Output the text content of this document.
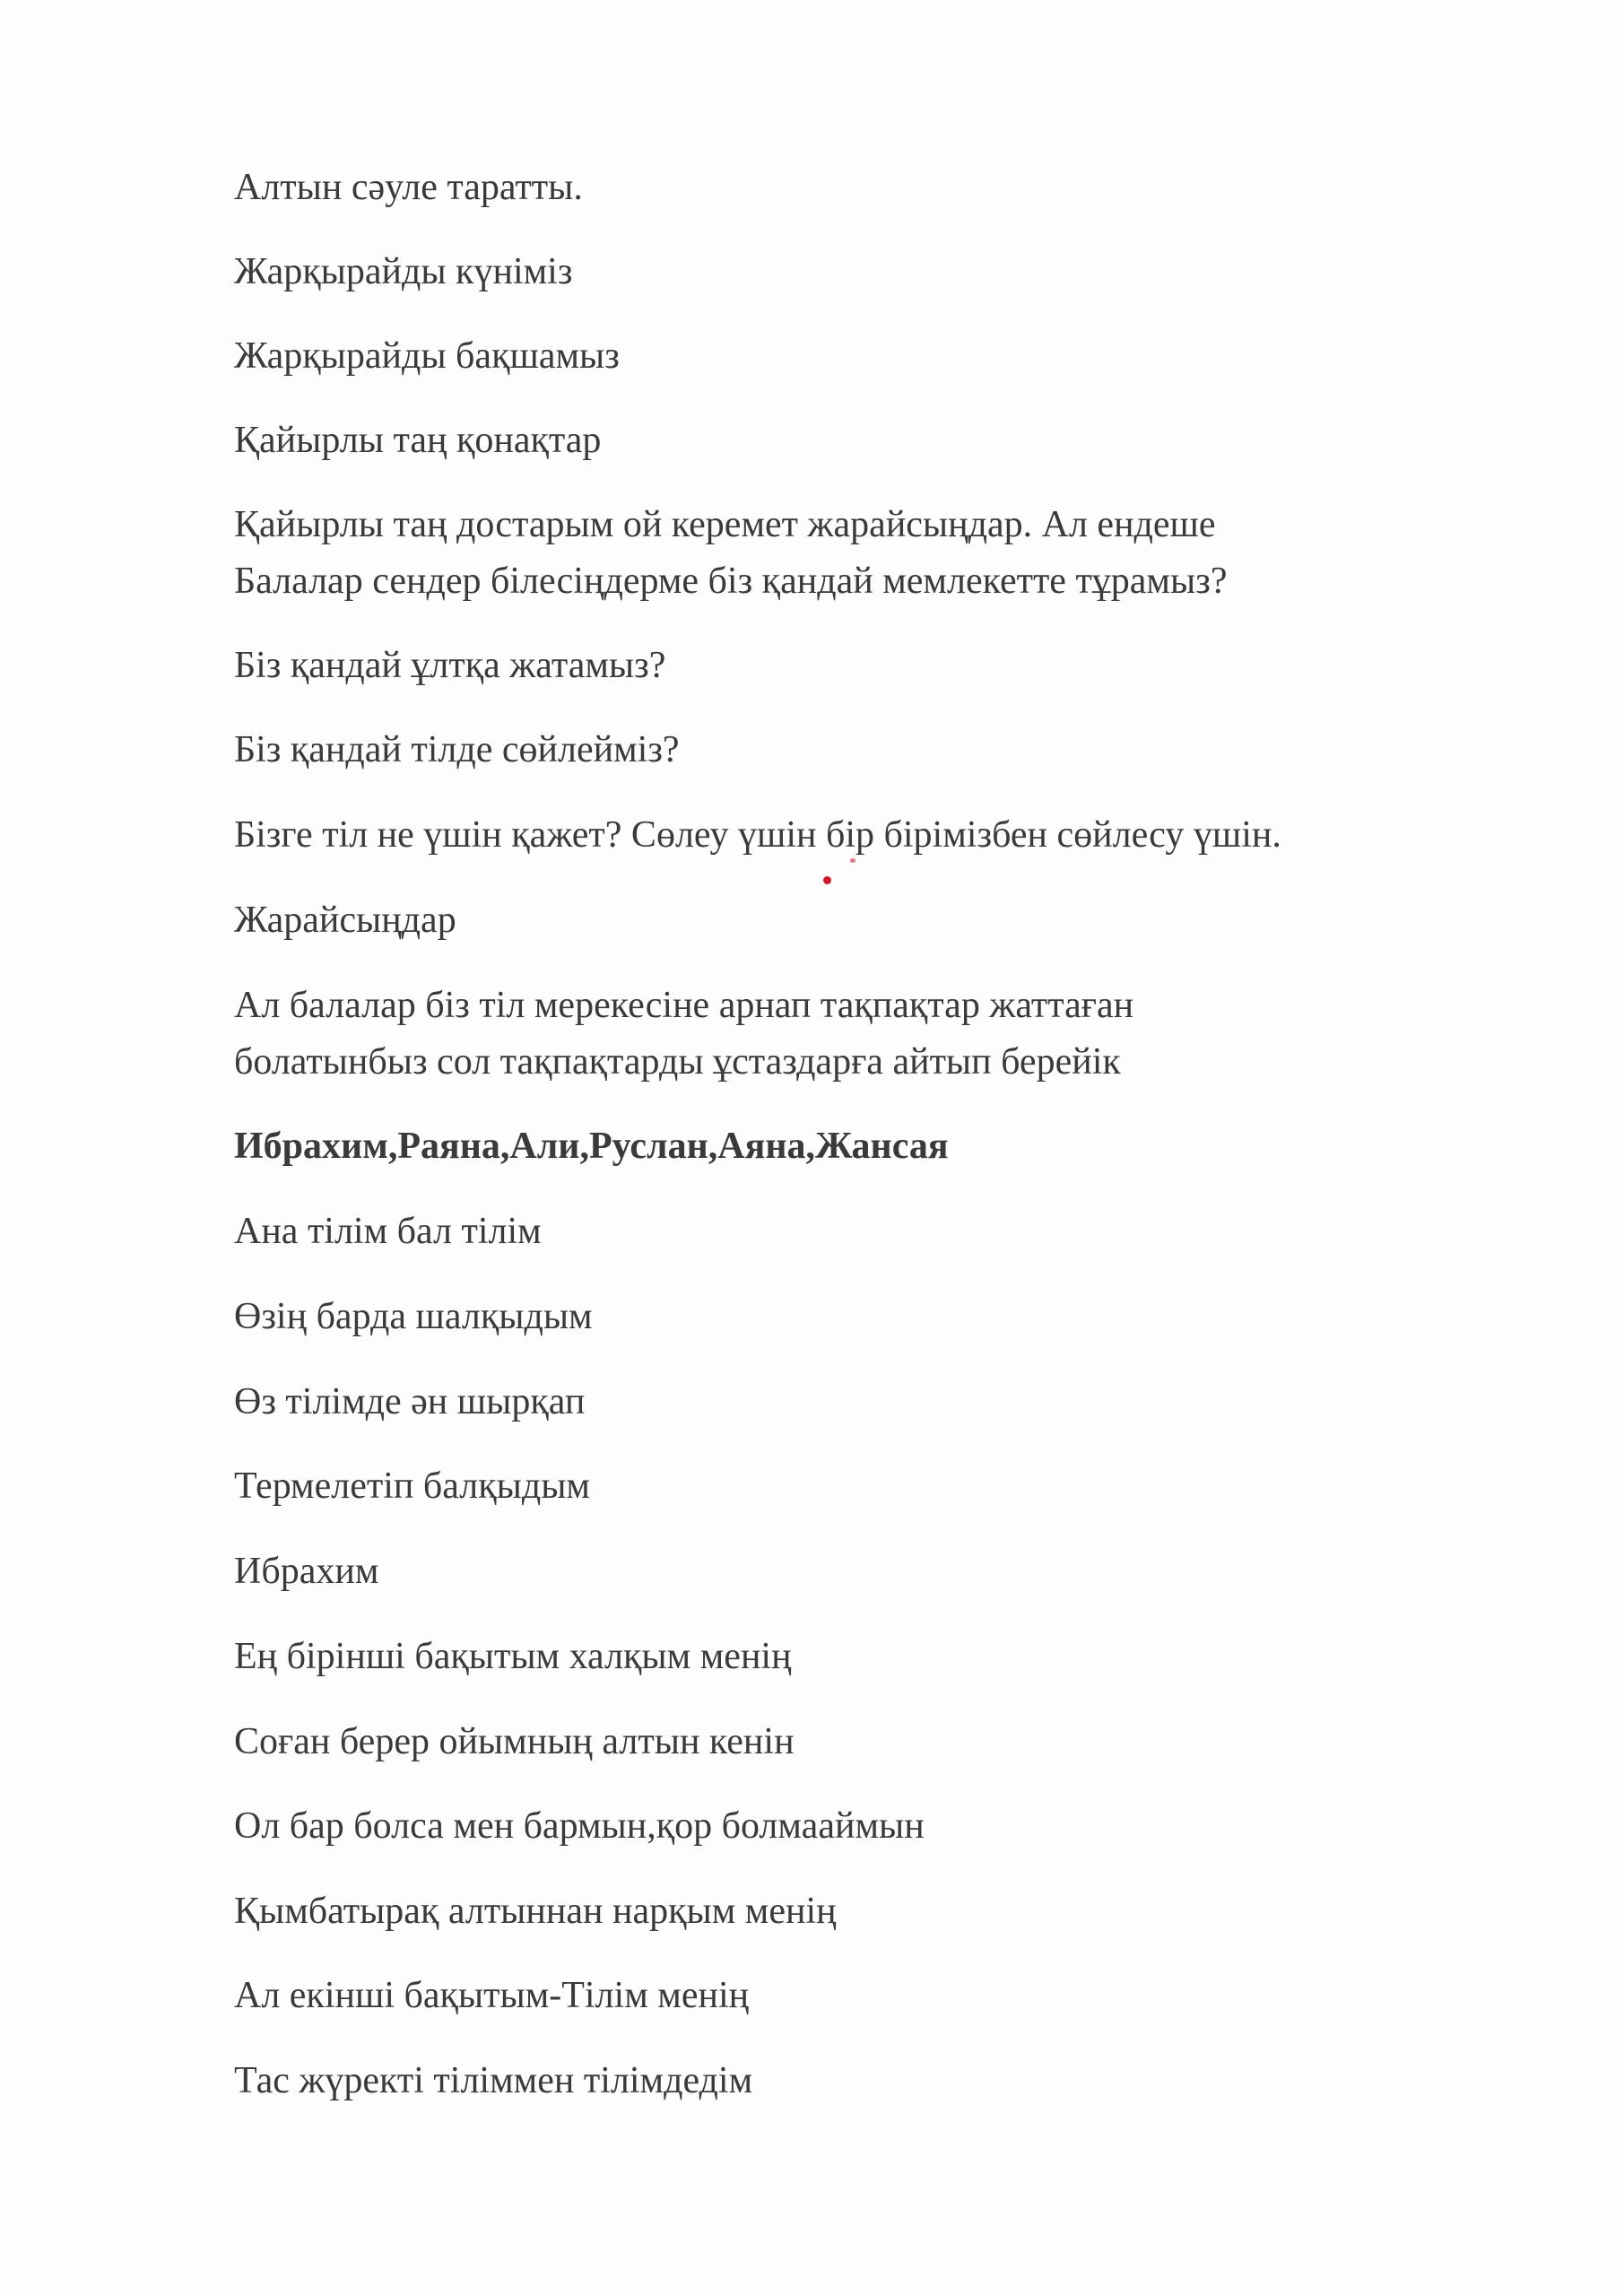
Алтын сәуле таратты.

Жарқырайды күніміз

Жарқырайды бақшамыз

Қайырлы таң қонақтар

Қайырлы таң достарым ой керемет жарайсыңдар. Ал ендеше

Балалар сендер білесіңдерме біз қандай мемлекетте тұрамыз?

Біз қандай ұлтқа жатамыз?

Біз қандай тілде сөйлейміз?

Бізге тіл не үшін қажет? Сөлеу үшін бір бірімізбен сөйлесу үшін.

Жарайсыңдар

Ал балалар біз тіл мерекесіне арнап тақпақтар жаттаған

болатынбыз сол тақпақтарды ұстаздарға айтып берейік

Ибрахим,Раяна,Али,Руслан,Аяна,Жансая

Ана тілім бал тілім

Өзің барда шалқыдым

Өз тілімде ән шырқап

Термелетіп балқыдым

Ибрахим

Ең бірінші бақытым халқым менің

Соған берер ойымның алтын кенін

Ол бар болса мен бармын,қор болмааймын

Қымбатырақ алтыннан нарқым менің

Ал екінші бақытым-Тілім менің

Тас жүректі тіліммен тілімдедім
